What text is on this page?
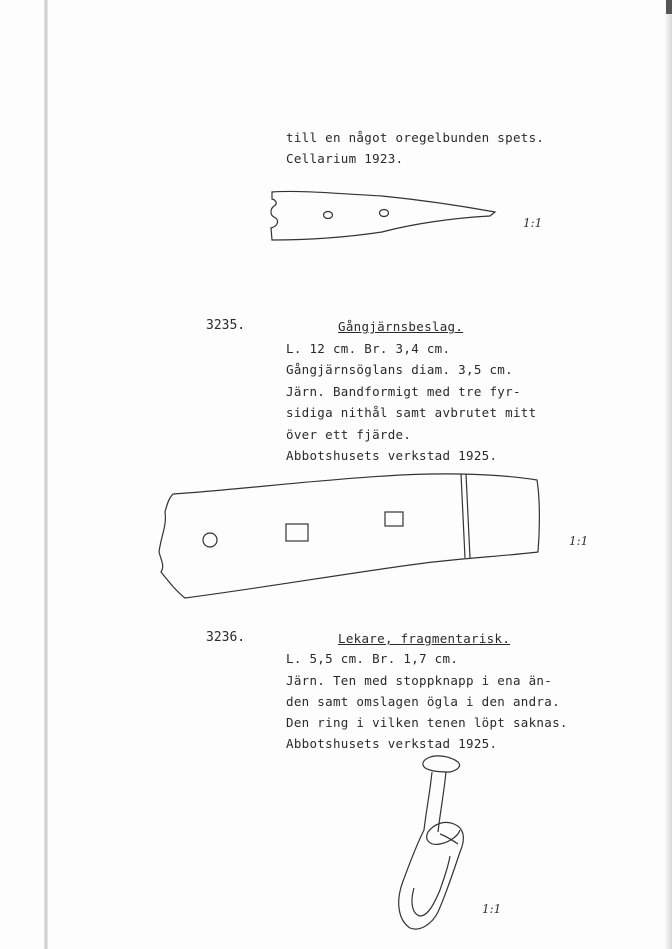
till en något oregelbunden spets.
Cellarium 1923.
1:1
3235.	Gångjärnsbeslag.
L. 12 cm. Br. 3,4 cm.
Gångjärnsöglans diam. 3,5 cm.
Järn. Bandformigt med tre fyr-
sidiga nithål samt avbrutet mitt
över ett fjärde.
Abbotshusets verkstad 1925.
1:1
3236.	Lekare, fragmentarisk.
L. 5,5 cm. Br. 1,7 cm.
Järn. Ten med stoppknapp i ena än-
den samt omslagen ögla i den andra.
Den ring i vilken tenen löpt saknas.
Abbotshusets verkstad 1925.
1:1
